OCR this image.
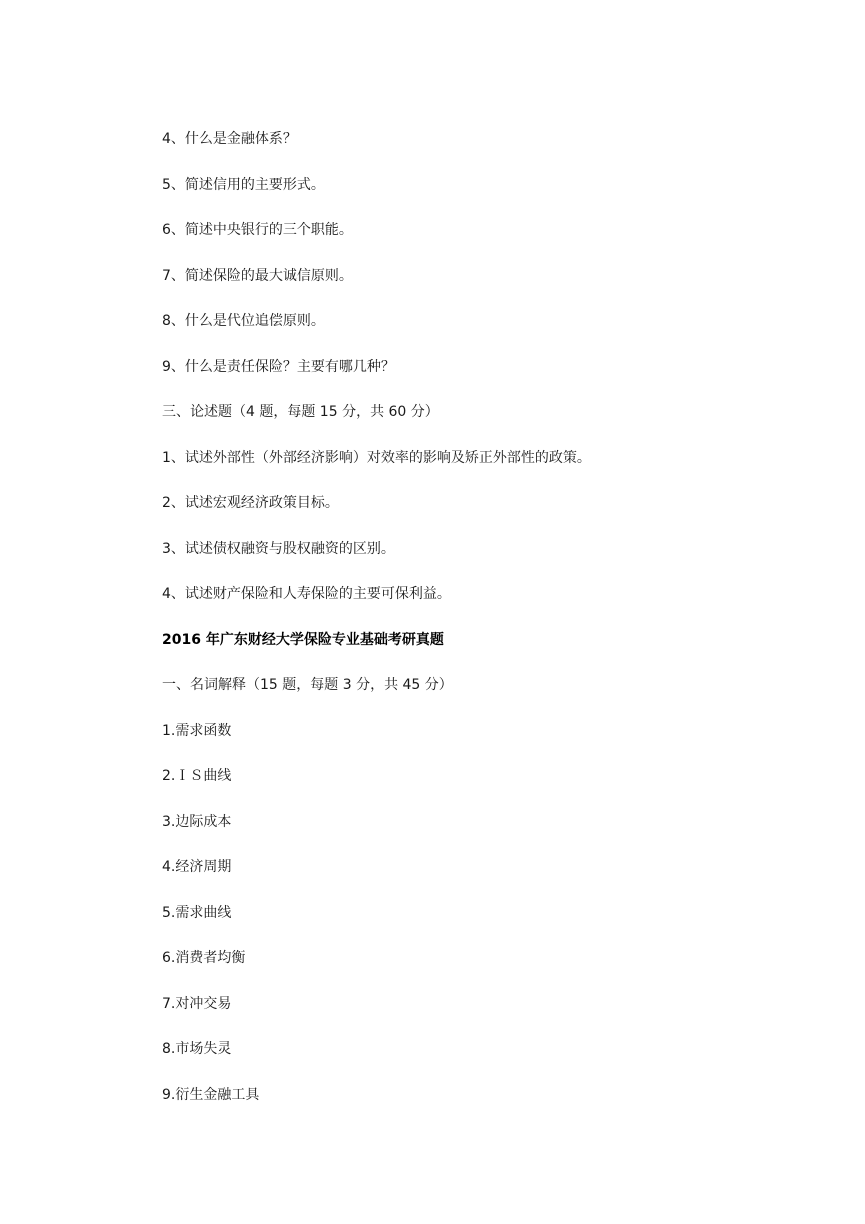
4、什么是金融体系？
5、简述信用的主要形式。
6、简述中央银行的三个职能。
7、简述保险的最大诚信原则。
8、什么是代位追偿原则。
9、什么是责任保险？主要有哪几种？
三、论述题（4 题，每题 15 分，共 60 分）
1、试述外部性（外部经济影响）对效率的影响及矫正外部性的政策。
2、试述宏观经济政策目标。
3、试述债权融资与股权融资的区别。
4、试述财产保险和人寿保险的主要可保利益。
2016 年广东财经大学保险专业基础考研真题
一、名词解释（15 题，每题 3 分，共 45 分）
1.需求函数
2.ＩＳ曲线
3.边际成本
4.经济周期
5.需求曲线
6.消费者均衡
7.对冲交易
8.市场失灵
9.衍生金融工具
